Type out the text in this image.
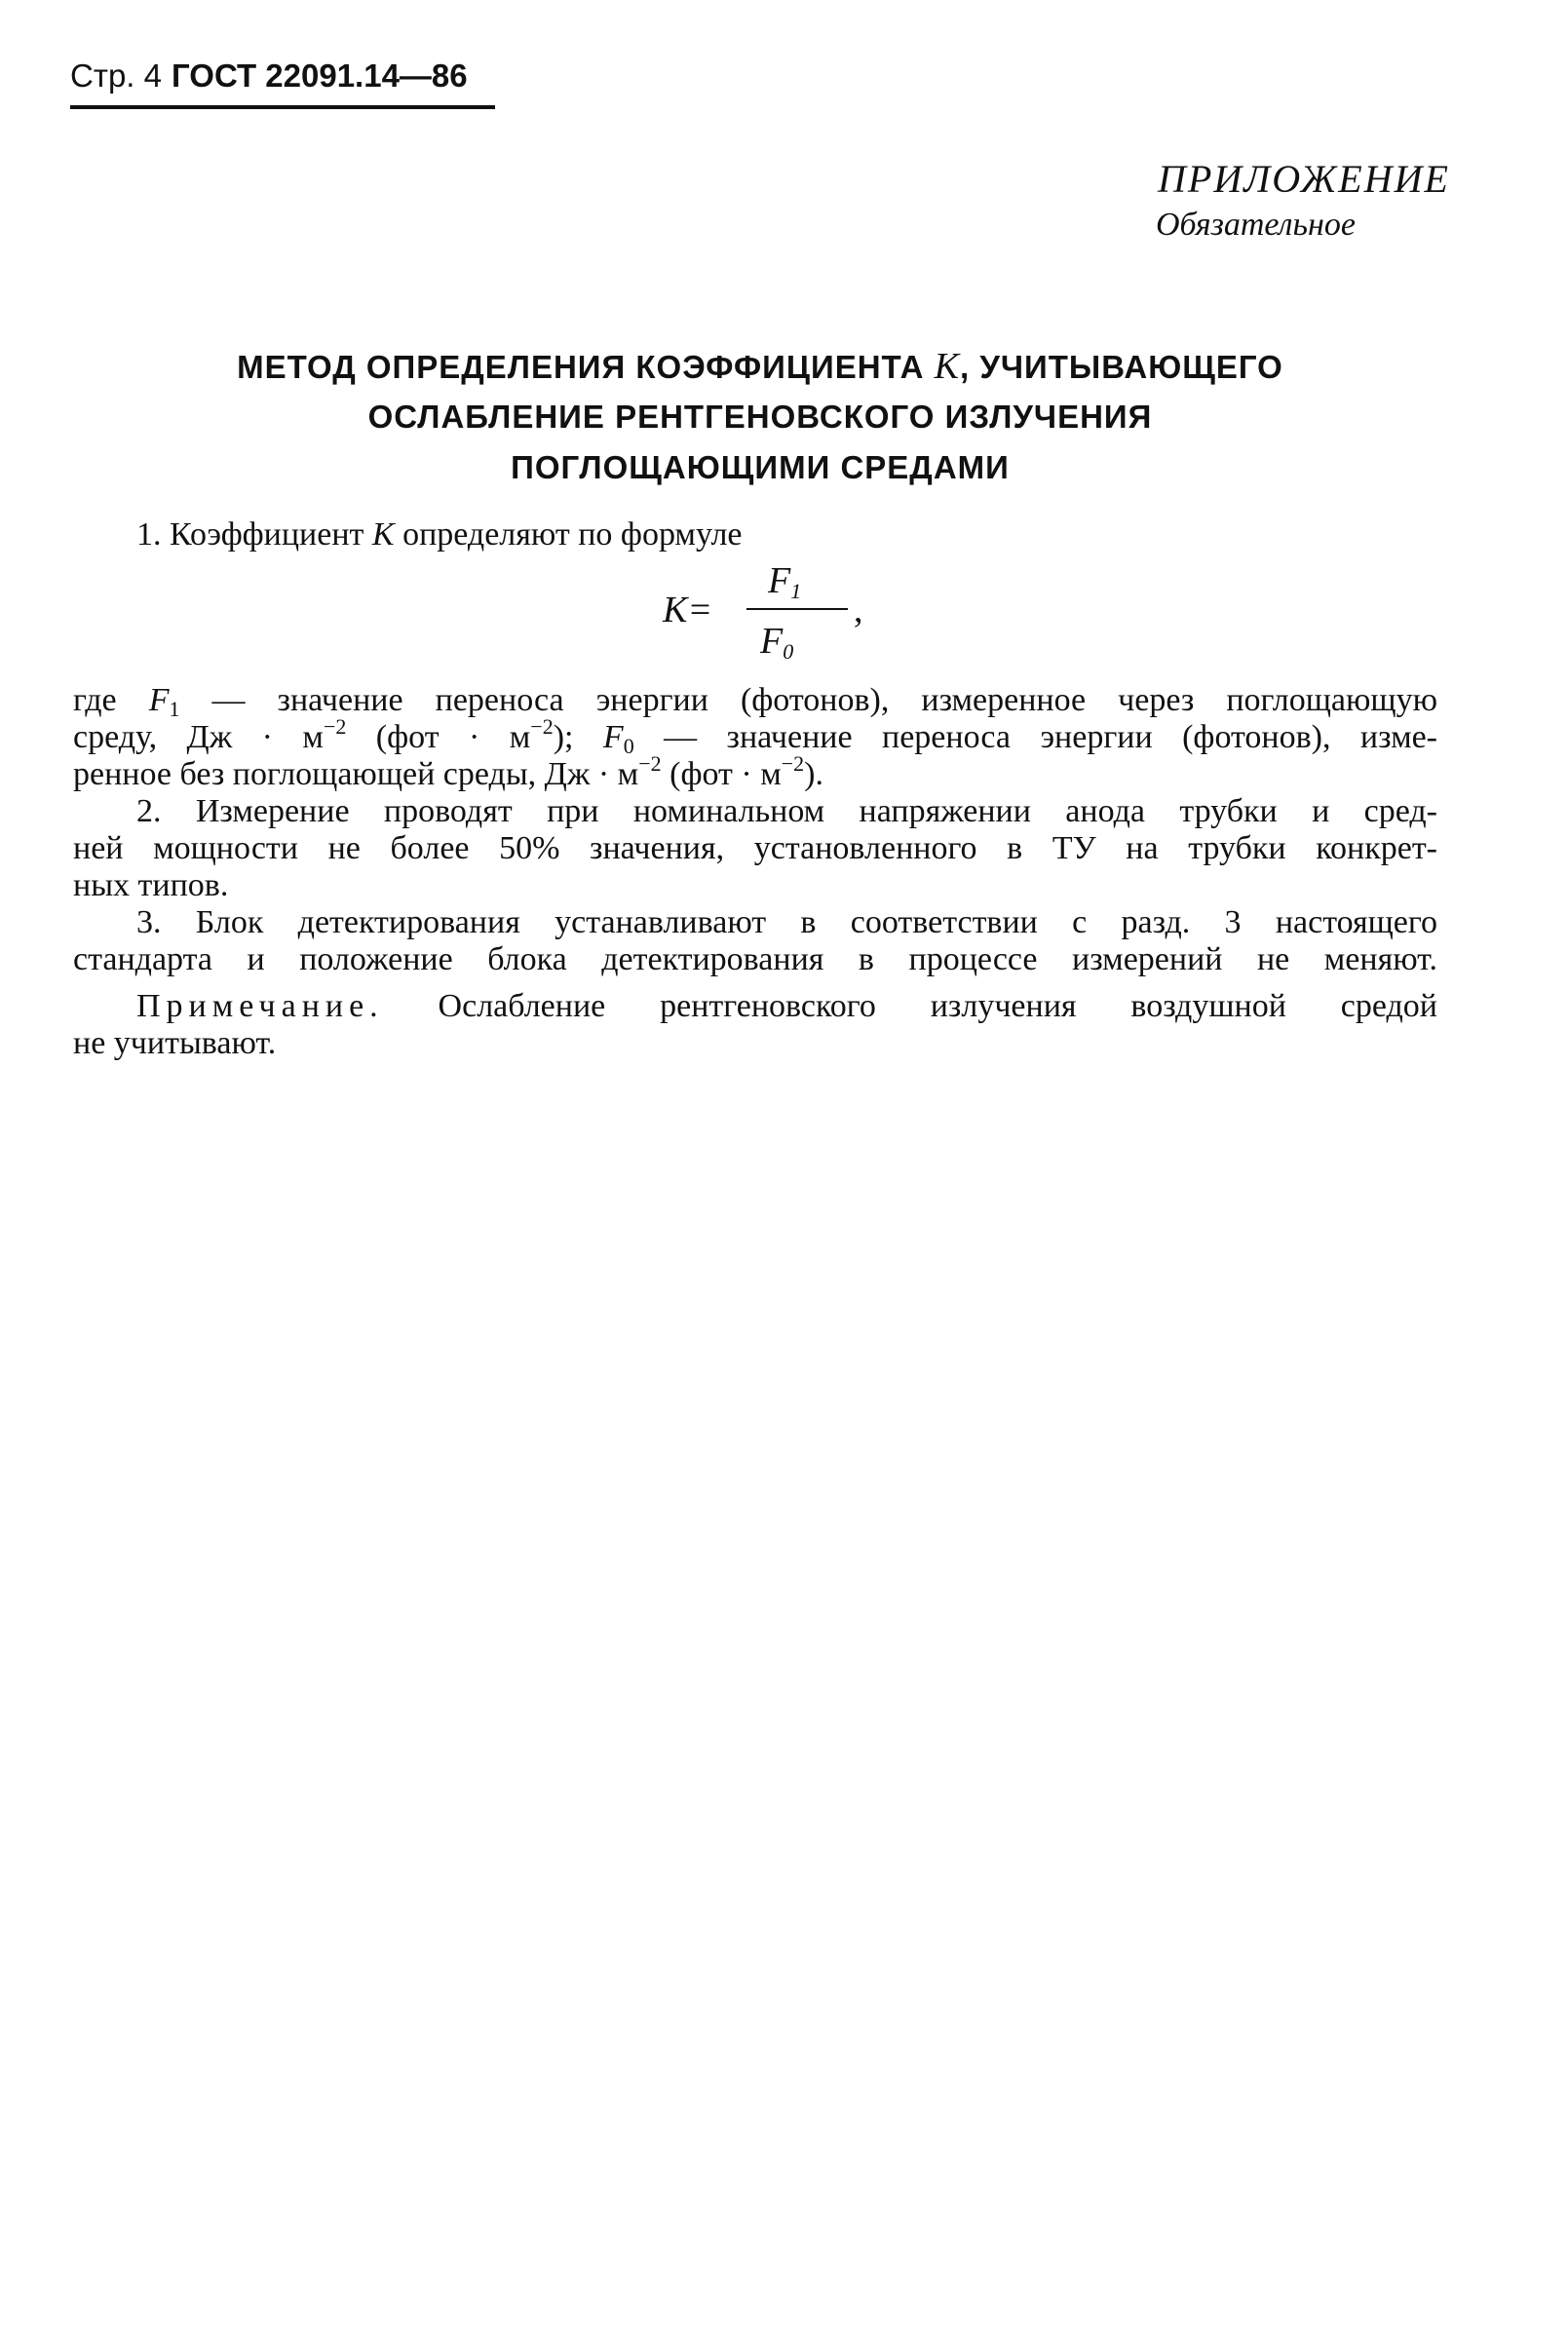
Стр. 4 ГОСТ 22091.14—86
ПРИЛОЖЕНИЕ
Обязательное
МЕТОД ОПРЕДЕЛЕНИЯ КОЭФФИЦИЕНТА K, УЧИТЫВАЮЩЕГО
ОСЛАБЛЕНИЕ РЕНТГЕНОВСКОГО ИЗЛУЧЕНИЯ
ПОГЛОЩАЮЩИМИ СРЕДАМИ
1. Коэффициент K определяют по формуле
K=
$F_1$
$F_0$
,
где $F_1$ — значение переноса энергии (фотонов), измеренное через поглощающую
среду, Дж · $м^{-2}$ $(фот \cdot м^{-2})$; $F_0$ — значение переноса энергии (фотонов), изме-
ренное без поглощающей среды, Дж · $м^{-2}$ $(фот \cdot м^{-2})$.
2. Измерение проводят при номинальном напряжении анода трубки и сред-
ней мощности не более 50% значения, установленного в ТУ на трубки конкрет-
ных типов.
3. Блок детектирования устанавливают в соответствии с разд. 3 настоящего
стандарта и положение блока детектирования в процессе измерений не меняют.
Примечание. Ослабление рентгеновского излучения воздушной средой
не учитывают.
